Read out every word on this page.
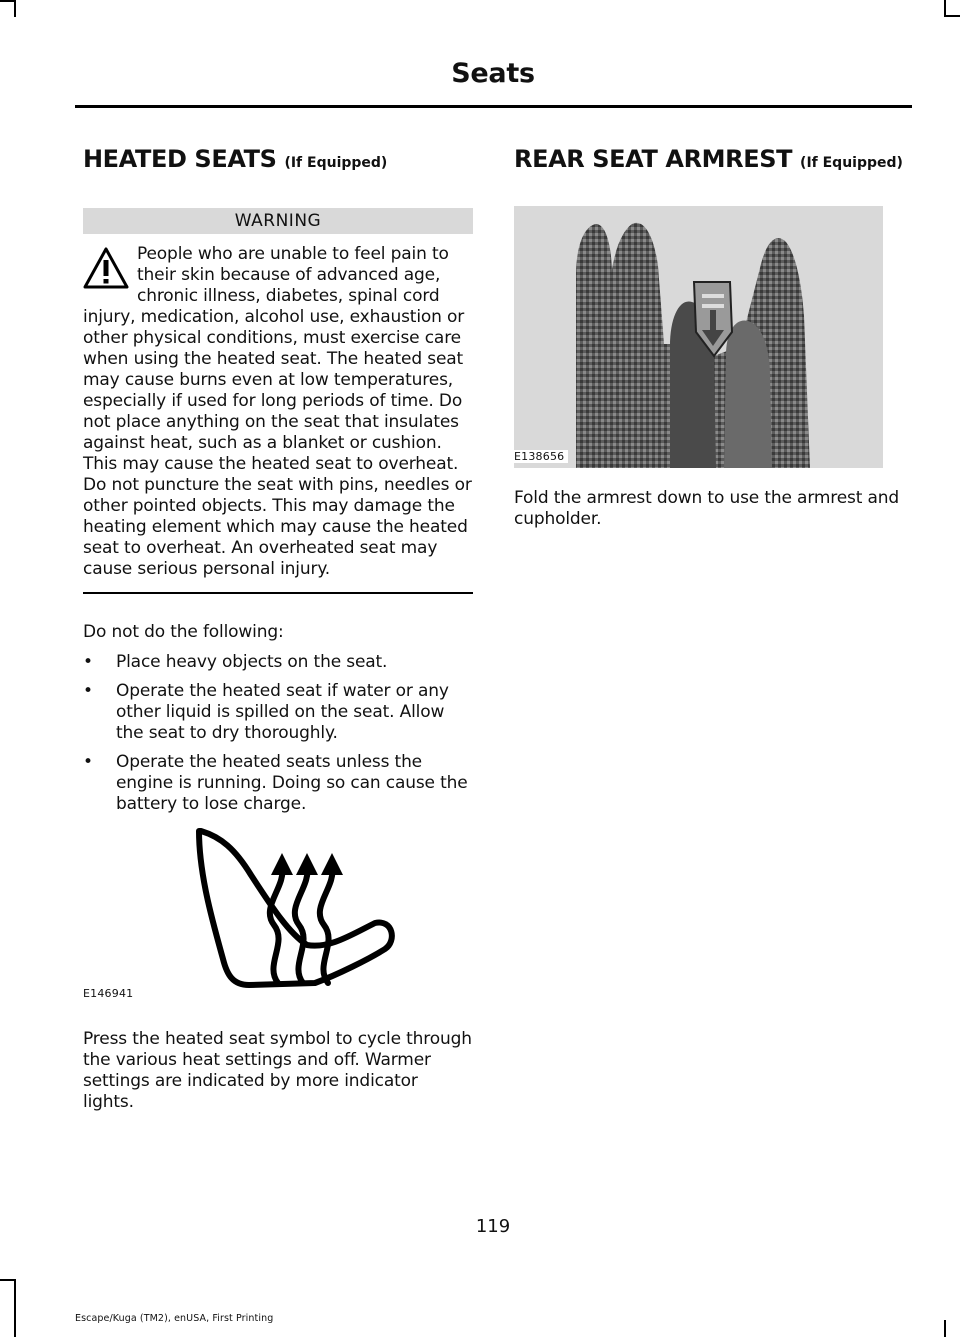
Seats
HEATED SEATS (If Equipped)
WARNING
People who are unable to feel pain to their skin because of advanced age, chronic illness, diabetes, spinal cord injury, medication, alcohol use, exhaustion or other physical conditions, must exercise care when using the heated seat. The heated seat may cause burns even at low temperatures, especially if used for long periods of time. Do not place anything on the seat that insulates against heat, such as a blanket or cushion. This may cause the heated seat to overheat. Do not puncture the seat with pins, needles or other pointed objects. This may damage the heating element which may cause the heated seat to overheat. An overheated seat may cause serious personal injury.

Do not do the following:

• Place heavy objects on the seat.
• Operate the heated seat if water or any other liquid is spilled on the seat. Allow the seat to dry thoroughly.
• Operate the heated seats unless the engine is running. Doing so can cause the battery to lose charge.
E146941

Press the heated seat symbol to cycle through the various heat settings and off. Warmer settings are indicated by more indicator lights.

REAR SEAT ARMREST (If Equipped)
E138656

Fold the armrest down to use the armrest and cupholder.

119
Escape/Kuga (TM2), enUSA, First Printing
